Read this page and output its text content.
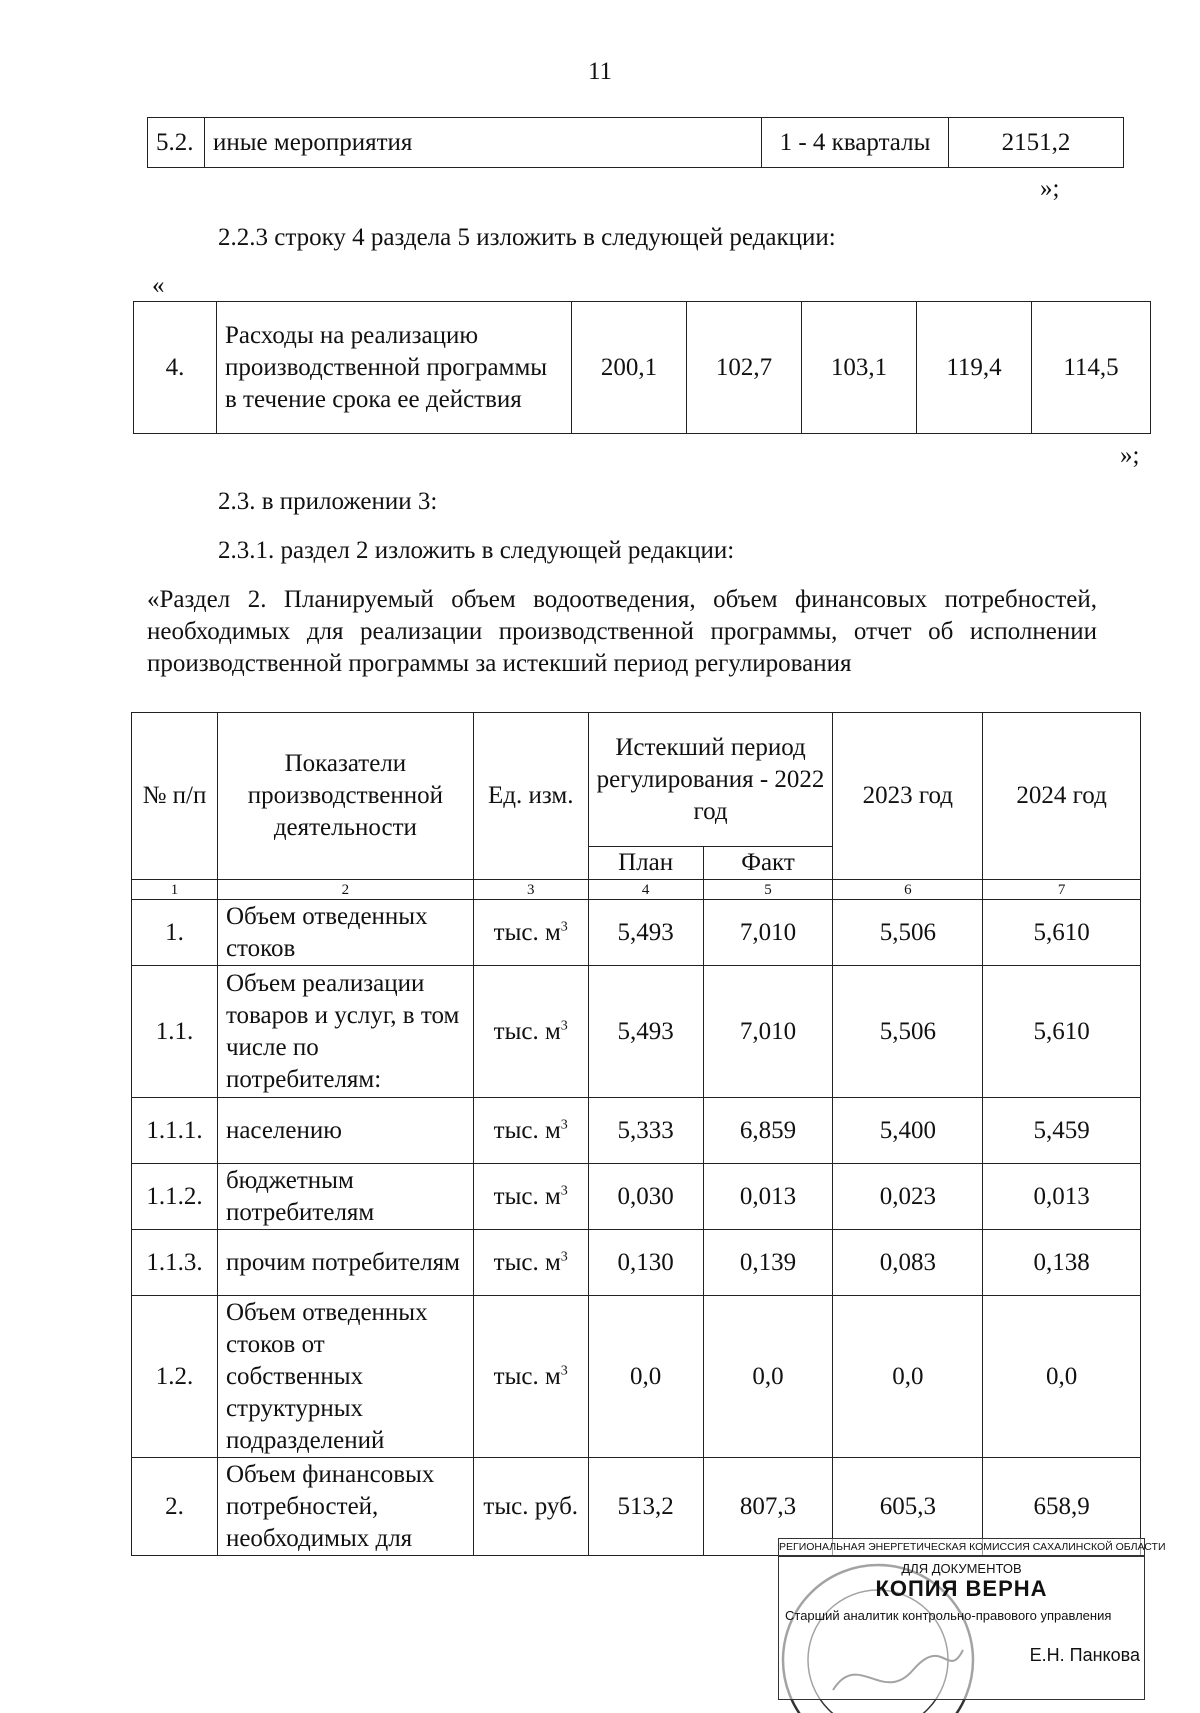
11
5.2.	иные мероприятия	1 - 4 кварталы	2151,2
»;
2.2.3 строку 4 раздела 5 изложить в следующей редакции:
«
4.	Расходы на реализацию производственной программы в течение срока ее действия	200,1	102,7	103,1	119,4	114,5
»;
2.3. в приложении 3:
2.3.1. раздел 2 изложить в следующей редакции:
«Раздел 2. Планируемый объем водоотведения, объем финансовых потребностей, необходимых для реализации производственной программы, отчет об исполнении производственной программы за истекший период регулирования
№ п/п	Показатели производственной деятельности	Ед. изм.	Истекший период регулирования - 2022 год		2023 год	2024 год
			План	Факт		
1	2	3	4	5	6	7
1.	Объем отведенных стоков	тыс. $м^3$	5,493	7,010	5,506	5,610
1.1.	Объем реализации товаров и услуг, в том числе по потребителям:	тыс. $м^3$	5,493	7,010	5,506	5,610
1.1.1.	населению	тыс. $м^3$	5,333	6,859	5,400	5,459
1.1.2.	бюджетным потребителям	тыс. $м^3$	0,030	0,013	0,023	0,013
1.1.3.	прочим потребителям	тыс. $м^3$	0,130	0,139	0,083	0,138
1.2.	Объем отведенных стоков от собственных структурных подразделений	тыс. $м^3$	0,0	0,0	0,0	0,0
2.	Объем финансовых потребностей, необходимых для	тыс. руб.	513,2	807,3	605,3	658,9
РЕГИОНАЛЬНАЯ ЭНЕРГЕТИЧЕСКАЯ КОМИССИЯ САХАЛИНСКОЙ ОБЛАСТИ
ДЛЯ ДОКУМЕНТОВ
КОПИЯ ВЕРНА
Старший аналитик контрольно-правового управления
Е.Н. Панкова
